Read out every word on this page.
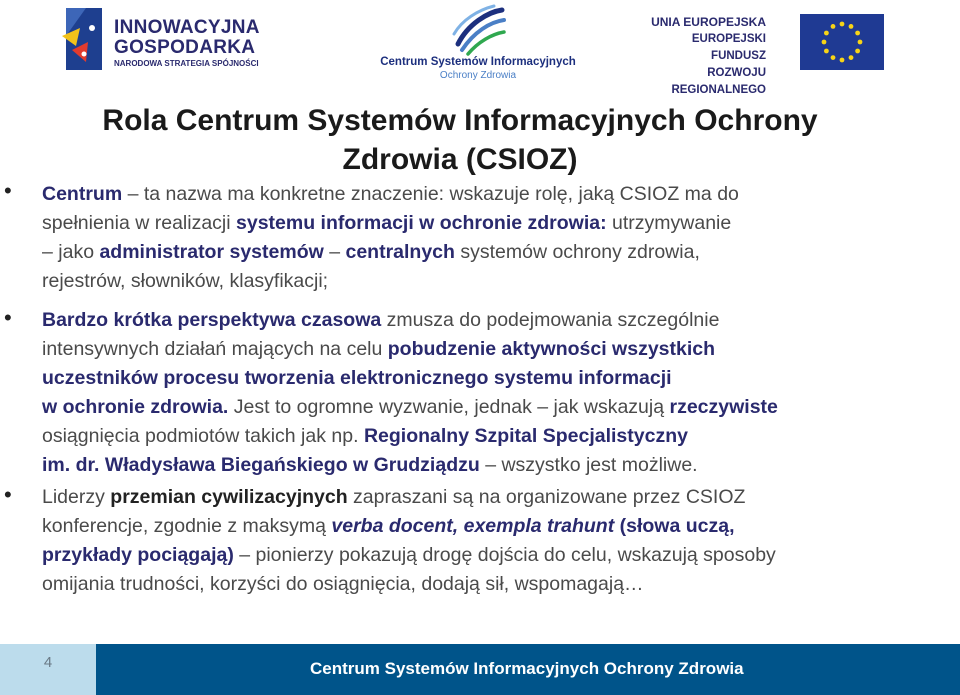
INNOWACYJNA
GOSPODARKA
NARODOWA STRATEGIA SPÓJNOŚCI	Centrum Systemów Informacyjnych
Ochrony Zdrowia
UNIA EUROPEJSKA
EUROPEJSKI FUNDUSZ
ROZWOJU REGIONALNEGO
Rola Centrum Systemów Informacyjnych Ochrony
Zdrowia (CSIOZ)
• Centrum – ta nazwa ma konkretne znaczenie: wskazuje rolę, jaką CSIOZ ma do
spełnienia w realizacji systemu informacji w ochronie zdrowia: utrzymywanie
– jako administrator systemów – centralnych systemów ochrony zdrowia,
rejestrów, słowników, klasyfikacji;
• Bardzo krótka perspektywa czasowa zmusza do podejmowania szczególnie
intensywnych działań mających na celu pobudzenie aktywności wszystkich
uczestników procesu tworzenia elektronicznego systemu informacji
w ochronie zdrowia. Jest to ogromne wyzwanie, jednak – jak wskazują rzeczywiste
osiągnięcia podmiotów takich jak np. Regionalny Szpital Specjalistyczny
im. dr. Władysława Biegańskiego w Grudziądzu – wszystko jest możliwe.
• Liderzy przemian cywilizacyjnych zapraszani są na organizowane przez CSIOZ
konferencje, zgodnie z maksymą verba docent, exempla trahunt (słowa uczą,
przykłady pociągają) – pionierzy pokazują drogę dojścia do celu, wskazują sposoby
omijania trudności, korzyści do osiągnięcia, dodają sił, wspomagają…
4	Centrum Systemów Informacyjnych Ochrony Zdrowia
